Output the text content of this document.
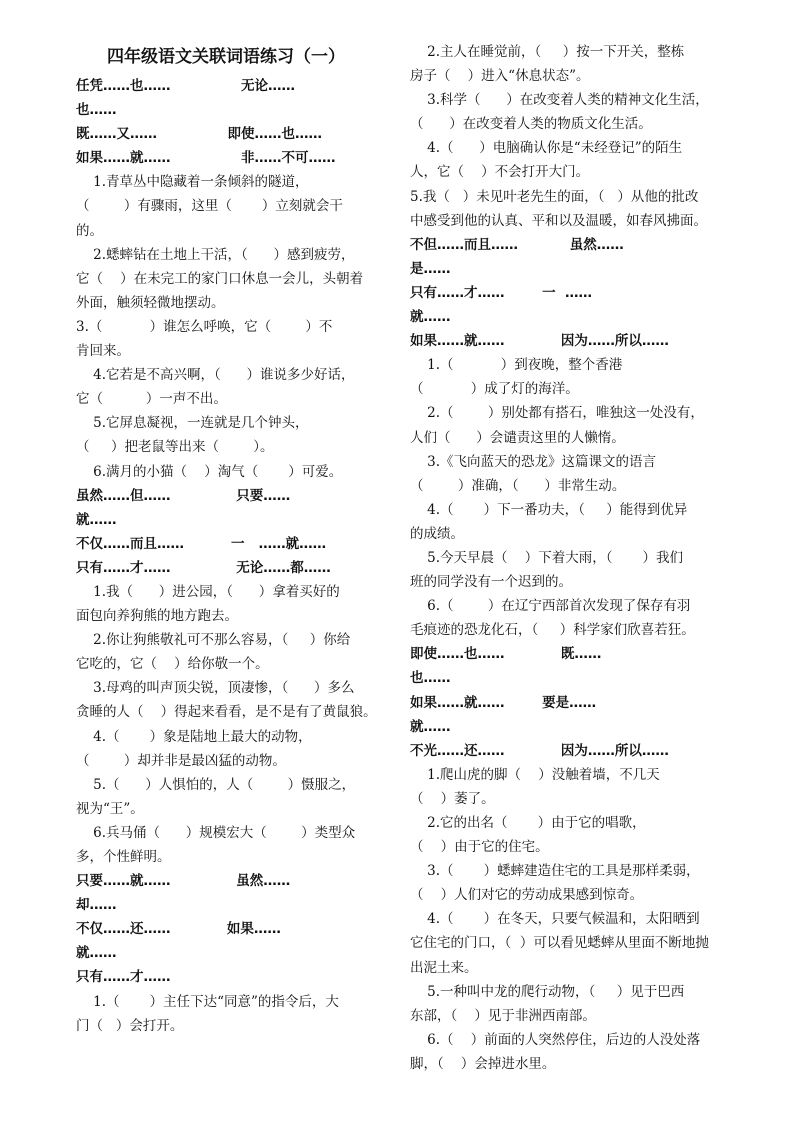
四年级语文关联词语练习（一）
任凭……也……               无论……
也……
既……又……               即使……也……
如果……就……               非……不可……
1.青草丛中隐藏着一条倾斜的隧道，
（        ）有骤雨，这里（       ）立刻就会干
的。
2.蟋蟀钻在土地上干活，（      ）感到疲劳，
它（    ）在未完工的家门口休息一会儿，头朝着
外面，触须轻微地摆动。
3.（           ）谁怎么呼唤，它（        ）不
肯回来。
4.它若是不高兴啊，（      ）谁说多少好话，
它（          ）一声不出。
5.它屏息凝视，一连就是几个钟头，
（     ）把老鼠等出来（        ）。
6.满月的小猫（    ）淘气（       ）可爱。
虽然……但……              只要……
就……
不仅……而且……          一   ……就……
只有……才……              无论……都……
1.我（      ）进公园，（      ）拿着买好的
面包向养狗熊的地方跑去。
2.你让狗熊敬礼可不那么容易，（     ）你给
它吃的，它（    ）给你敬一个。
3.母鸡的叫声顶尖锐，顶凄惨，（      ）多么
贪睡的人（    ）得起来看看，是不是有了黄鼠狼。
4.（       ）象是陆地上最大的动物，
（        ）却并非是最凶猛的动物。
5.（      ）人惧怕的，人（        ）慑服之，
视为“王”。
6.兵马俑（      ）规模宏大（        ）类型众
多，个性鲜明。
只要……就……              虽然……
却……
不仅……还……            如果……
就……
只有……才……
1.（       ）主任下达“同意”的指令后，大
门（   ）会打开。
2.主人在睡觉前，（     ）按一下开关，整栋
房子（    ）进入“休息状态”。
3.科学（      ）在改变着人类的精神文化生活，
（      ）在改变着人类的物质文化生活。
4.（      ）电脑确认你是“未经登记”的陌生
人，它（    ）不会打开大门。
5.我（   ）未见叶老先生的面，（   ）从他的批改
中感受到他的认真、平和以及温暖，如春风拂面。
不但……而且……           虽然……
是……
只有……才……        一  ……
就……
如果……就……            因为……所以……
1.（           ）到夜晚，整个香港
（           ）成了灯的海洋。
2.（        ）别处都有搭石，唯独这一处没有，
人们（      ）会谴责这里的人懒惰。
3.《飞向蓝天的恐龙》这篇课文的语言
（        ）准确，（      ）非常生动。
4.（       ）下一番功夫，（     ）能得到优异
的成绩。
5.今天早晨（    ）下着大雨，（       ）我们
班的同学没有一个迟到的。
6.（        ）在辽宁西部首次发现了保存有羽
毛痕迹的恐龙化石，（     ）科学家们欣喜若狂。
即使……也……            既……
也……
如果……就……        要是……
就……
不光……还……            因为……所以……
1.爬山虎的脚（    ）没触着墙，不几天
（    ）萎了。
2.它的出名（       ）由于它的唱歌，
（    ）由于它的住宅。
3.（       ）蟋蟀建造住宅的工具是那样柔弱，
（    ）人们对它的劳动成果感到惊奇。
4.（       ）在冬天，只要气候温和，太阳晒到
它住宅的门口，（  ）可以看见蟋蟀从里面不断地抛
出泥土来。
5.一种叫中龙的爬行动物，（     ）见于巴西
东部，（    ）见于非洲西南部。
6.（    ）前面的人突然停住，后边的人没处落
脚，（    ）会掉进水里。
